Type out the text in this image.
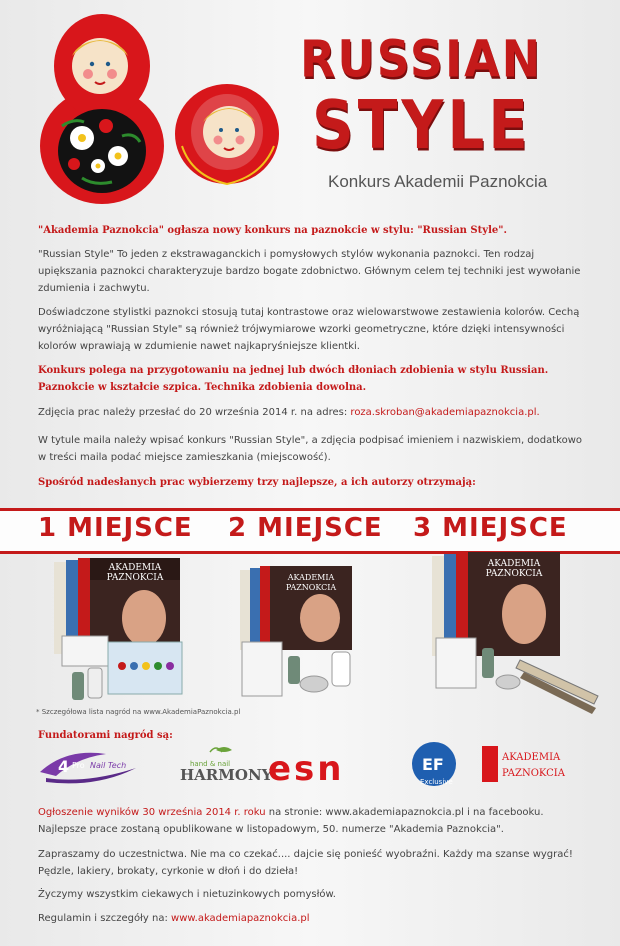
RUSSIAN
STYLE
Konkurs Akademii Paznokcia
"Akademia Paznokcia" ogłasza nowy konkurs na paznokcie w stylu: "Russian Style".
"Russian Style" To jeden z ekstrawaganckich i pomysłowych stylów wykonania paznokci. Ten rodzaj upiększania paznokci charakteryzuje bardzo bogate zdobnictwo. Głównym celem tej techniki jest wywołanie zdumienia i zachwytu.
Doświadczone stylistki paznokci stosują tutaj kontrastowe oraz wielowarstwowe zestawienia kolorów. Cechą wyróżniającą "Russian Style" są również trójwymiarowe wzorki geometryczne, które dzięki intensywności kolorów wprawiają w zdumienie nawet najkapryśniejsze klientki.
Konkurs polega na przygotowaniu na jednej lub dwóch dłoniach zdobienia w stylu Russian. Paznokcie w kształcie szpica. Technika zdobienia dowolna.
Zdjęcia prac należy przesłać do 20 września 2014 r. na adres: roza.skroban@akademiapaznokcia.pl.
W tytule maila należy wpisać konkurs "Russian Style", a zdjęcia podpisać imieniem i nazwiskiem, dodatkowo w treści maila podać miejsce zamieszkania (miejscowość).
Spośród nadesłanych prac wybierzemy trzy najlepsze, a ich autorzy otrzymają:
1 MIEJSCE 2 MIEJSCE 3 MIEJSCE
AKADEMIA
PAZNOKCIA	AKADEMIA
PAZNOKCIA
AKADEMIA
PAZNOKCIA
* Szczegółowa lista nagród na www.AkademiaPaznokcia.pl
Fundatorami nagród są:
4 Pro Nail Tech	hand & nail
HARMONY
esn	EF
Exclusive
AKADEMIA
PAZNOKCIA
Ogłoszenie wyników 30 września 2014 r. roku na stronie: www.akademiapaznokcia.pl i na facebooku. Najlepsze prace zostaną opublikowane w listopadowym, 50. numerze "Akademia Paznokcia".
Zapraszamy do uczestnictwa. Nie ma co czekać.... dajcie się ponieść wyobraźni. Każdy ma szanse wygrać! Pędzle, lakiery, brokaty, cyrkonie w dłoń i do dzieła!
Życzymy wszystkim ciekawych i nietuzinkowych pomysłów.
Regulamin i szczegóły na: www.akademiapaznokcia.pl
